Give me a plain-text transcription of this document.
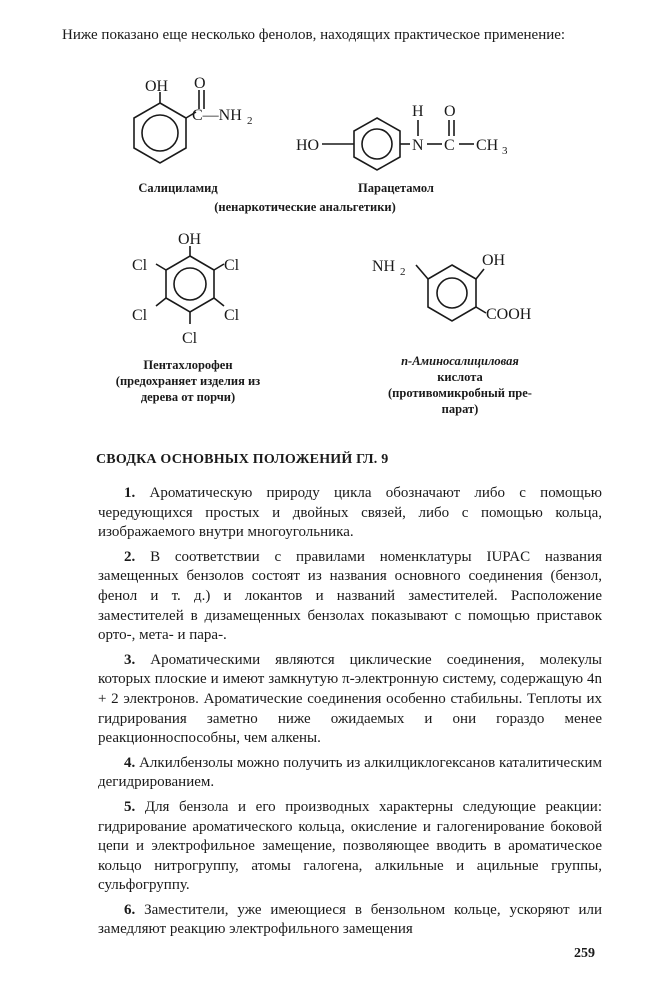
Ниже показано еще несколько фенолов, находящих практическое применение:
OH O
C—NH 2
Салициламид
HO
H
N C
O
CH 3
Парацетамол
(ненаркотические анальгетики)
OH
Cl	Cl
Cl	Cl
Cl
Пентахлорофен
(предохраняет изделия из
дерева от порчи)
NH 2
OH
COOH
п-Аминосалициловая
кислота
(противомикробный пре-
парат)
СВОДКА ОСНОВНЫХ ПОЛОЖЕНИЙ ГЛ. 9

1. Ароматическую природу цикла обозначают либо с помощью чередующихся простых и двойных связей, либо с помощью кольца, изображаемого внутри многоугольника.

2. В соответствии с правилами номенклатуры IUPAC названия замещенных бензолов состоят из названия основного соединения (бензол, фенол и т. д.) и локантов и названий заместителей. Расположение заместителей в дизамещенных бензолах показывают с помощью приставок орто-, мета- и пара-.

3. Ароматическими являются циклические соединения, молекулы которых плоские и имеют замкнутую π-электронную систему, содержащую 4n + 2 электронов. Ароматические соединения особенно стабильны. Теплоты их гидрирования заметно ниже ожидаемых и они гораздо менее реакционноспособны, чем алкены.

4. Алкилбензолы можно получить из алкилциклогексанов каталитическим дегидрированием.

5. Для бензола и его производных характерны следующие реакции: гидрирование ароматического кольца, окисление и галогенирование боковой цепи и электрофильное замещение, позволяющее вводить в ароматическое кольцо нитрогруппу, атомы галогена, алкильные и ацильные группы, сульфогруппу.

6. Заместители, уже имеющиеся в бензольном кольце, ускоряют или замедляют реакцию электрофильного замещения

259
